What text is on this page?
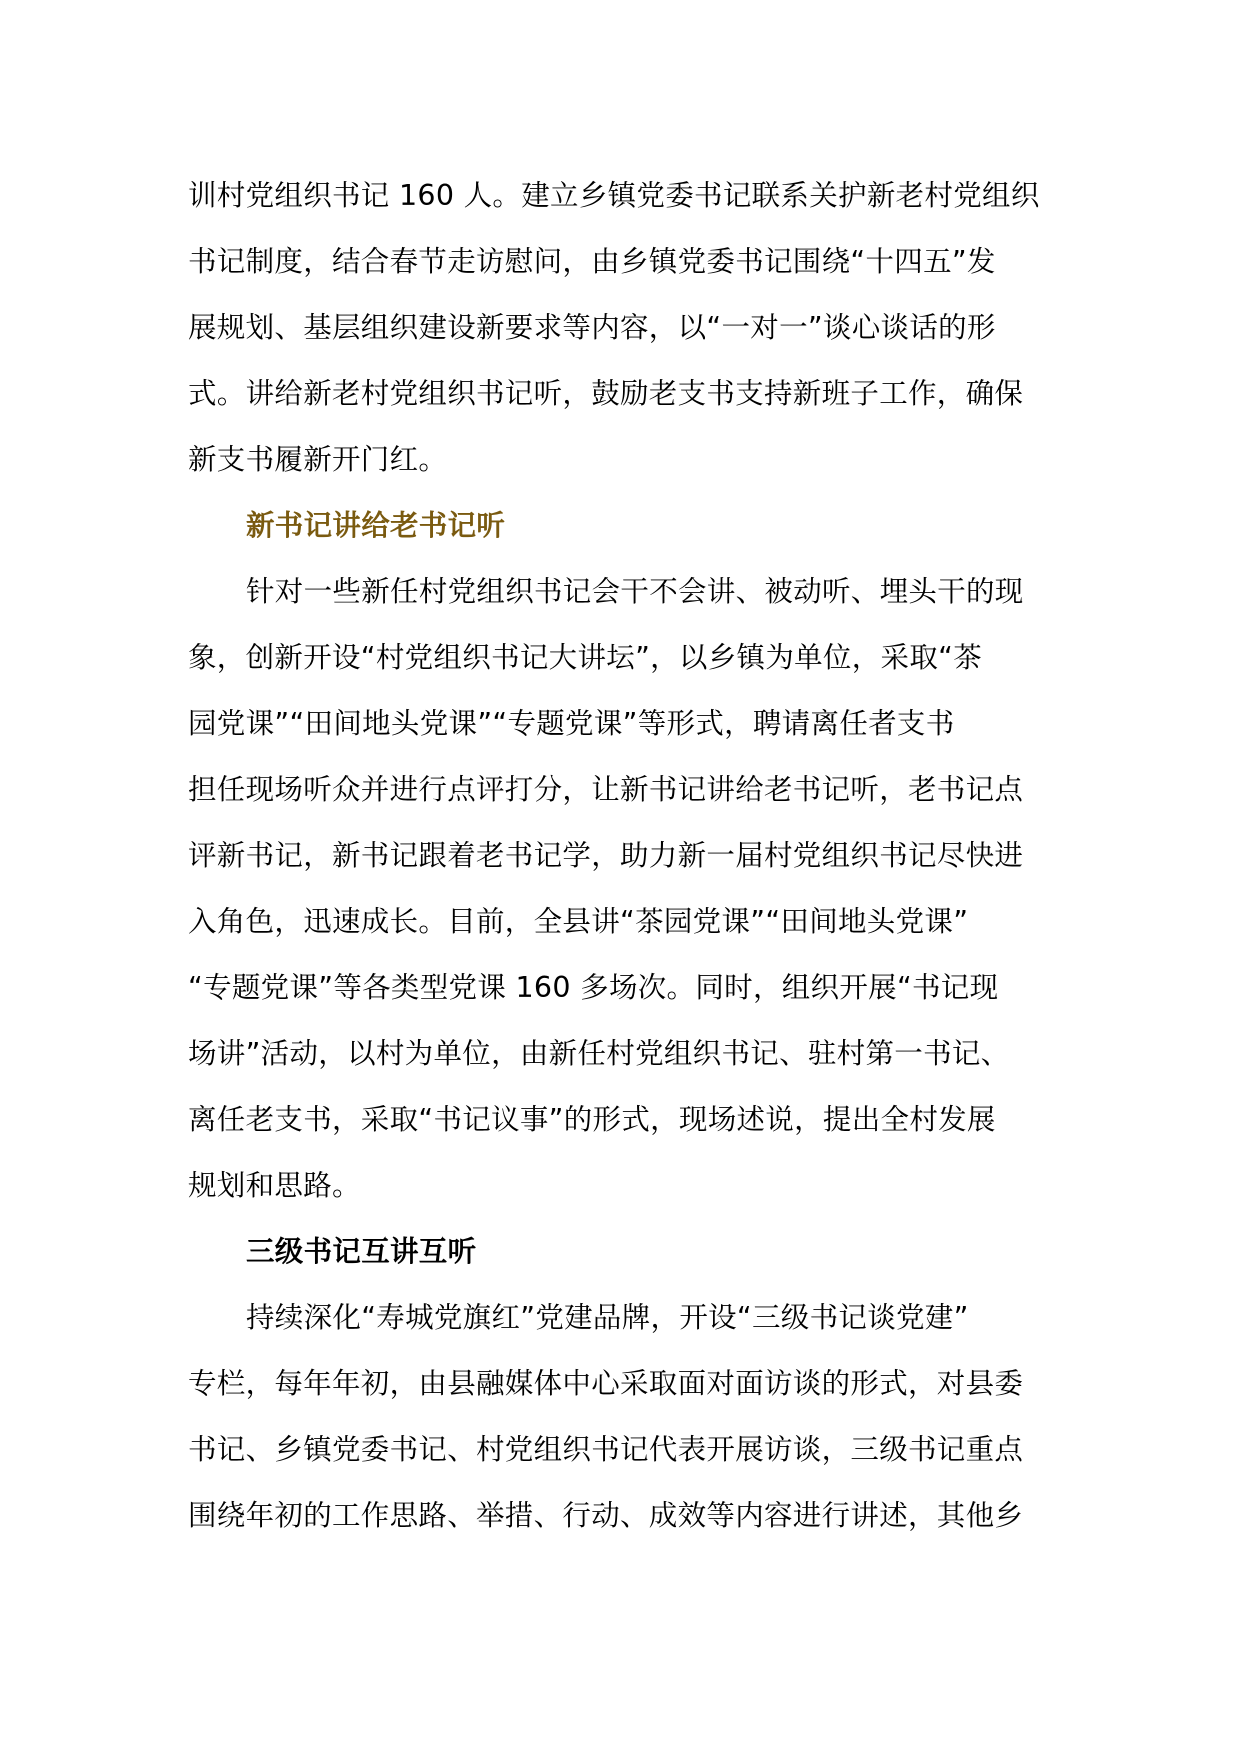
训村党组织书记 160 人。建立乡镇党委书记联系关护新老村党组织
书记制度，结合春节走访慰问，由乡镇党委书记围绕“十四五”发
展规划、基层组织建设新要求等内容，以“一对一”谈心谈话的形
式。讲给新老村党组织书记听，鼓励老支书支持新班子工作，确保
新支书履新开门红。
新书记讲给老书记听
针对一些新任村党组织书记会干不会讲、被动听、埋头干的现
象，创新开设“村党组织书记大讲坛”，以乡镇为单位，采取“茶
园党课”“田间地头党课”“专题党课”等形式，聘请离任者支书
担任现场听众并进行点评打分，让新书记讲给老书记听，老书记点
评新书记，新书记跟着老书记学，助力新一届村党组织书记尽快进
入角色，迅速成长。目前，全县讲“茶园党课”“田间地头党课”
“专题党课”等各类型党课 160 多场次。同时，组织开展“书记现
场讲”活动，以村为单位，由新任村党组织书记、驻村第一书记、
离任老支书，采取“书记议事”的形式，现场述说，提出全村发展
规划和思路。
三级书记互讲互听
持续深化“寿城党旗红”党建品牌，开设“三级书记谈党建”
专栏，每年年初，由县融媒体中心采取面对面访谈的形式，对县委
书记、乡镇党委书记、村党组织书记代表开展访谈，三级书记重点
围绕年初的工作思路、举措、行动、成效等内容进行讲述，其他乡
